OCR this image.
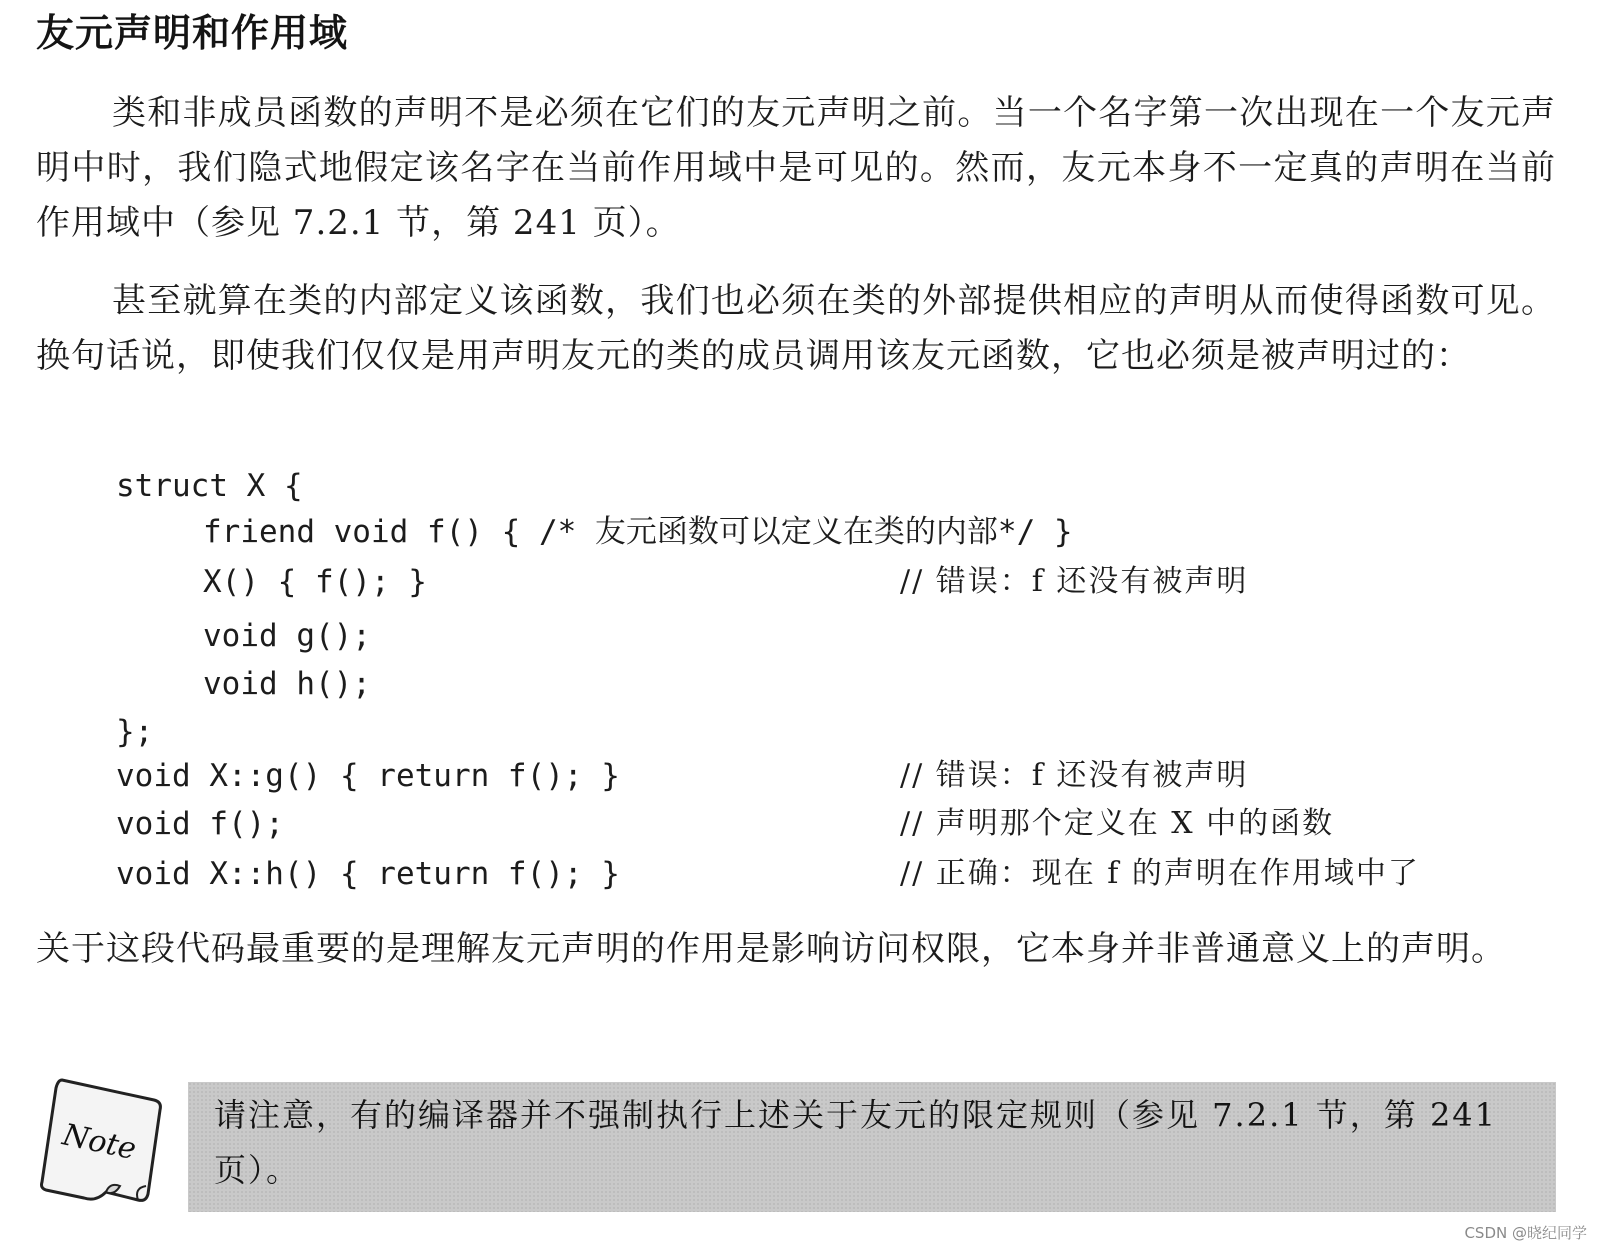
友元声明和作用域

类和非成员函数的声明不是必须在它们的友元声明之前。当一个名字第一次出现在一个友元声明中时，我们隐式地假定该名字在当前作用域中是可见的。然而，友元本身不一定真的声明在当前作用域中（参见 7.2.1 节，第 241 页）。

甚至就算在类的内部定义该函数，我们也必须在类的外部提供相应的声明从而使得函数可见。换句话说，即使我们仅仅是用声明友元的类的成员调用该友元函数，它也必须是被声明过的：

struct X {
friend void f() { /* 友元函数可以定义在类的内部*/ }
X() { f(); }	// 错误：f 还没有被声明
void g();
void h();
};
void X::g() { return f(); }	// 错误：f 还没有被声明
void f();	// 声明那个定义在 X 中的函数
void X::h() { return f(); }	// 正确：现在 f 的声明在作用域中了

关于这段代码最重要的是理解友元声明的作用是影响访问权限，它本身并非普通意义上的声明。

Note

请注意，有的编译器并不强制执行上述关于友元的限定规则（参见 7.2.1 节，第 241 页）。

CSDN @晓纪同学
